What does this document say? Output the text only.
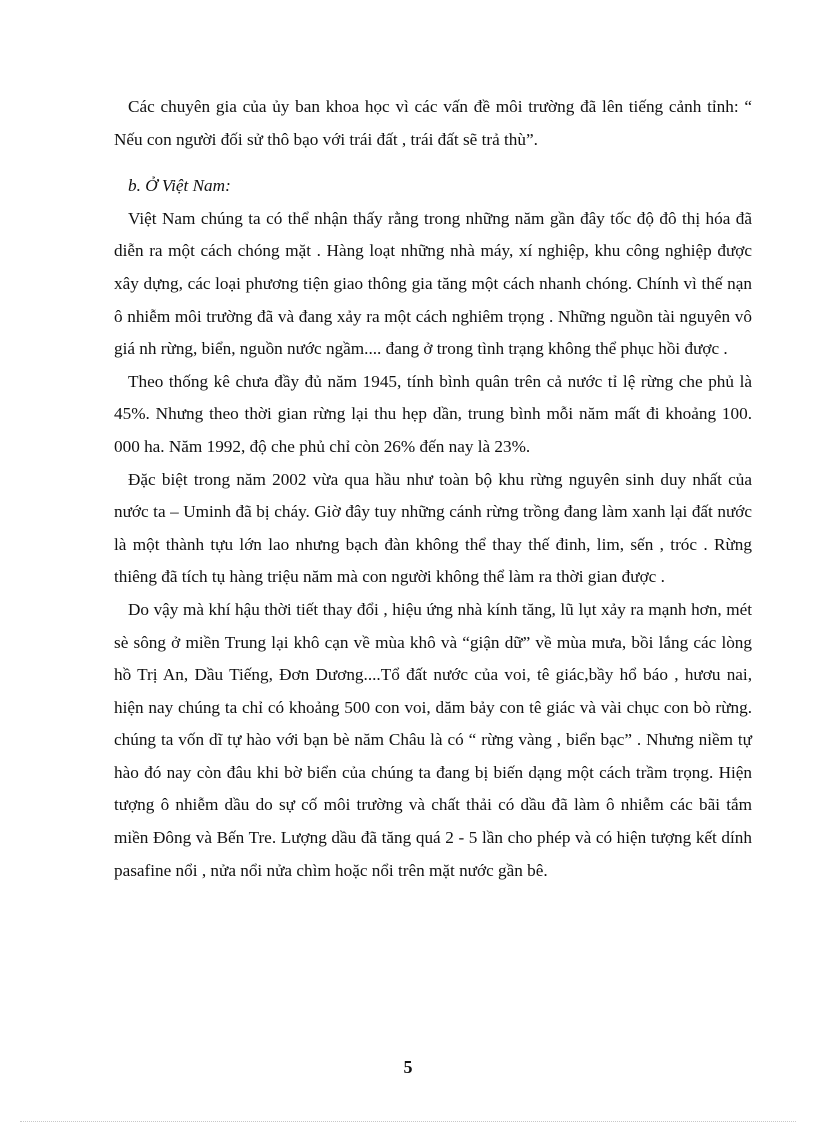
Các chuyên gia của ủy ban khoa học vì các vấn đề môi trường đã lên tiếng cảnh tỉnh: “ Nếu con người đối sử thô bạo với trái đất , trái đất sẽ trả thù”.

b. Ở Việt Nam:

Việt Nam chúng ta có thể nhận thấy rằng trong những năm gần đây tốc độ đô thị hóa đã diễn ra một cách chóng mặt . Hàng loạt những nhà máy, xí nghiệp, khu công nghiệp được xây dựng, các loại phương tiện giao thông gia tăng một cách nhanh chóng. Chính vì thế nạn ô nhiễm môi trường đã và đang xảy ra một cách nghiêm trọng . Những nguồn tài nguyên vô giá nh rừng, biển, nguồn nước ngầm.... đang ở trong tình trạng không thể phục hồi được .

Theo thống kê chưa đầy đủ năm 1945, tính bình quân trên cả nước tỉ lệ rừng che phủ là 45%. Nhưng theo thời gian rừng lại thu hẹp dần, trung bình mỗi năm mất đi khoảng 100. 000 ha. Năm 1992, độ che phủ chỉ còn 26% đến nay là 23%.

Đặc biệt trong năm 2002 vừa qua hầu như toàn bộ khu rừng nguyên sinh duy nhất của nước ta – Uminh đã bị cháy. Giờ đây tuy những cánh rừng trồng đang làm xanh lại đất nước là một thành tựu lớn lao nhưng bạch đàn không thể thay thế đinh, lim, sến , tróc . Rừng thiêng đã tích tụ hàng triệu năm mà con người không thể làm ra thời gian được .

Do vậy mà khí hậu thời tiết thay đổi , hiệu ứng nhà kính tăng, lũ lụt xảy ra mạnh hơn, mét sè sông ở miền Trung lại khô cạn về mùa khô và “giận dữ” về mùa mưa, bồi lắng các lòng hồ Trị An, Dầu Tiếng, Đơn Dương....Tổ đất nước của voi, tê giác,bầy hổ báo , hươu nai, hiện nay chúng ta chỉ có khoảng 500 con voi, dăm bảy con tê giác và vài chục con bò rừng. chúng ta vốn dĩ tự hào với bạn bè năm Châu là có “ rừng vàng , biển bạc” . Nhưng niềm tự hào đó nay còn đâu khi bờ biển của chúng ta đang bị biến dạng một cách trầm trọng. Hiện tượng ô nhiễm dầu do sự cố môi trường và chất thải có dầu đã làm ô nhiễm các bãi tắm miền Đông và Bến Tre. Lượng dầu đã tăng quá 2 - 5 lần cho phép và có hiện tượng kết dính pasafine nổi , nửa nổi nửa chìm hoặc nổi trên mặt nước gần bê.

5
